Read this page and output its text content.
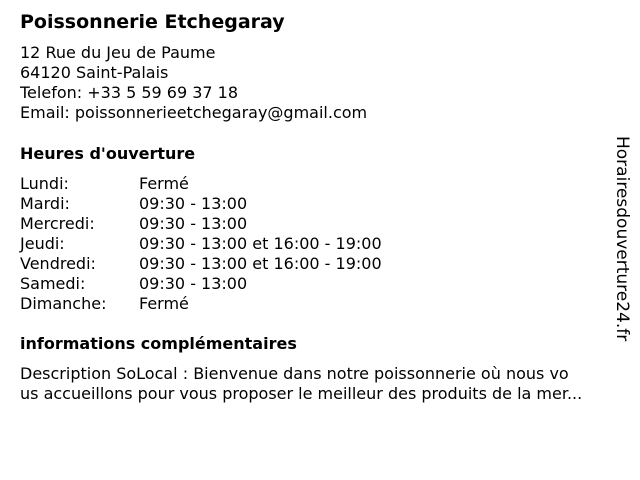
Poissonnerie Etchegaray
12 Rue du Jeu de Paume
64120 Saint-Palais
Telefon: +33 5 59 69 37 18
Email: poissonnerieetchegaray@gmail.com
Heures d'ouverture
Lundi:	Fermé
Mardi:	09:30 - 13:00
Mercredi:	09:30 - 13:00
Jeudi:	09:30 - 13:00 et 16:00 - 19:00
Vendredi:	09:30 - 13:00 et 16:00 - 19:00
Samedi:	09:30 - 13:00
Dimanche:	Fermé
informations complémentaires
Description SoLocal : Bienvenue dans notre poissonnerie où nous vo
us accueillons pour vous proposer le meilleur des produits de la mer...
Horairesdouverture24.fr
